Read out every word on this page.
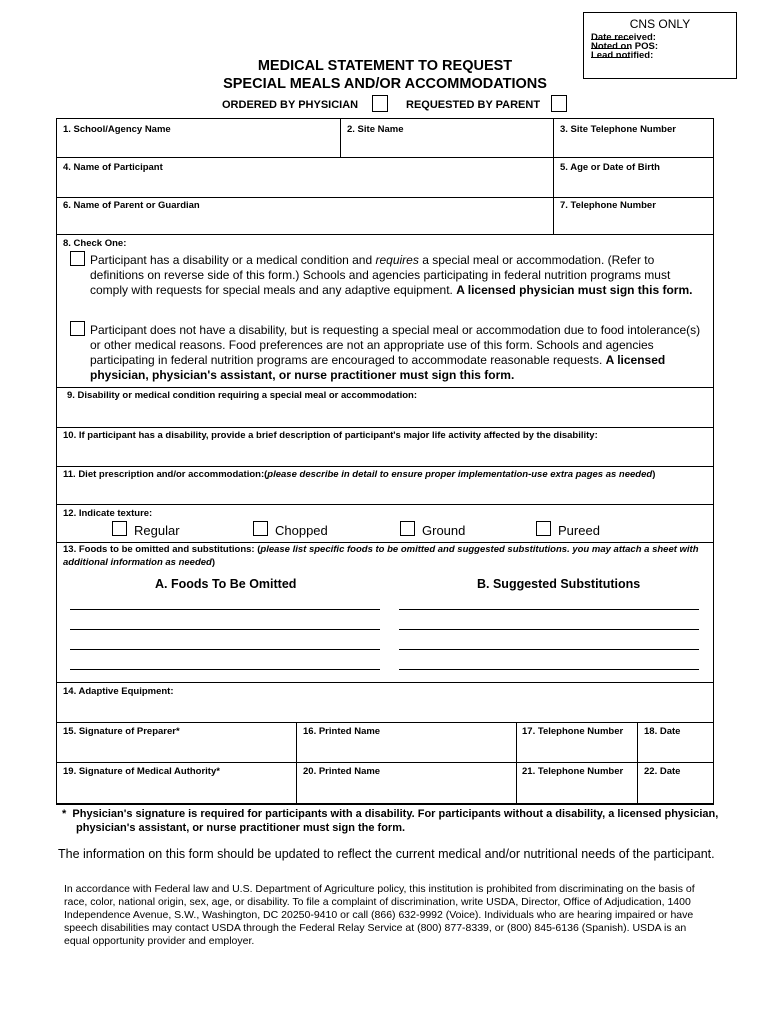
CNS ONLY
Date received:
Noted on POS:
Lead notified:
MEDICAL STATEMENT TO REQUEST
SPECIAL MEALS AND/OR ACCOMMODATIONS
ORDERED BY PHYSICIAN	REQUESTED BY PARENT
1. School/Agency Name	2. Site Name	3. Site Telephone Number
4. Name of Participant	5. Age or Date of Birth
6. Name of Parent or Guardian	7. Telephone Number
8. Check One:
Participant has a disability or a medical condition and requires a special meal or accommodation. (Refer to definitions on reverse side of this form.) Schools and agencies participating in federal nutrition programs must comply with requests for special meals and any adaptive equipment. A licensed physician must sign this form.
Participant does not have a disability, but is requesting a special meal or accommodation due to food intolerance(s) or other medical reasons. Food preferences are not an appropriate use of this form. Schools and agencies participating in federal nutrition programs are encouraged to accommodate reasonable requests. A licensed physician, physician's assistant, or nurse practitioner must sign this form.
9. Disability or medical condition requiring a special meal or accommodation:
10. If participant has a disability, provide a brief description of participant's major life activity affected by the disability:
11. Diet prescription and/or accommodation:(please describe in detail to ensure proper implementation-use extra pages as needed)
12. Indicate texture:
Regular	Chopped	Ground	Pureed
13. Foods to be omitted and substitutions: (please list specific foods to be omitted and suggested substitutions. you may attach a sheet with additional information as needed)
A. Foods To Be Omitted	B. Suggested Substitutions
14. Adaptive Equipment:
15. Signature of Preparer*	16. Printed Name	17. Telephone Number 18. Date
19. Signature of Medical Authority*	20. Printed Name	21. Telephone Number 22. Date
* Physician's signature is required for participants with a disability. For participants without a disability, a licensed physician, physician's assistant, or nurse practitioner must sign the form.
The information on this form should be updated to reflect the current medical and/or nutritional needs of the participant.
In accordance with Federal law and U.S. Department of Agriculture policy, this institution is prohibited from discriminating on the basis of race, color, national origin, sex, age, or disability. To file a complaint of discrimination, write USDA, Director, Office of Adjudication, 1400 Independence Avenue, S.W., Washington, DC 20250-9410 or call (866) 632-9992 (Voice). Individuals who are hearing impaired or have speech disabilities may contact USDA through the Federal Relay Service at (800) 877-8339, or (800) 845-6136 (Spanish). USDA is an equal opportunity provider and employer.
